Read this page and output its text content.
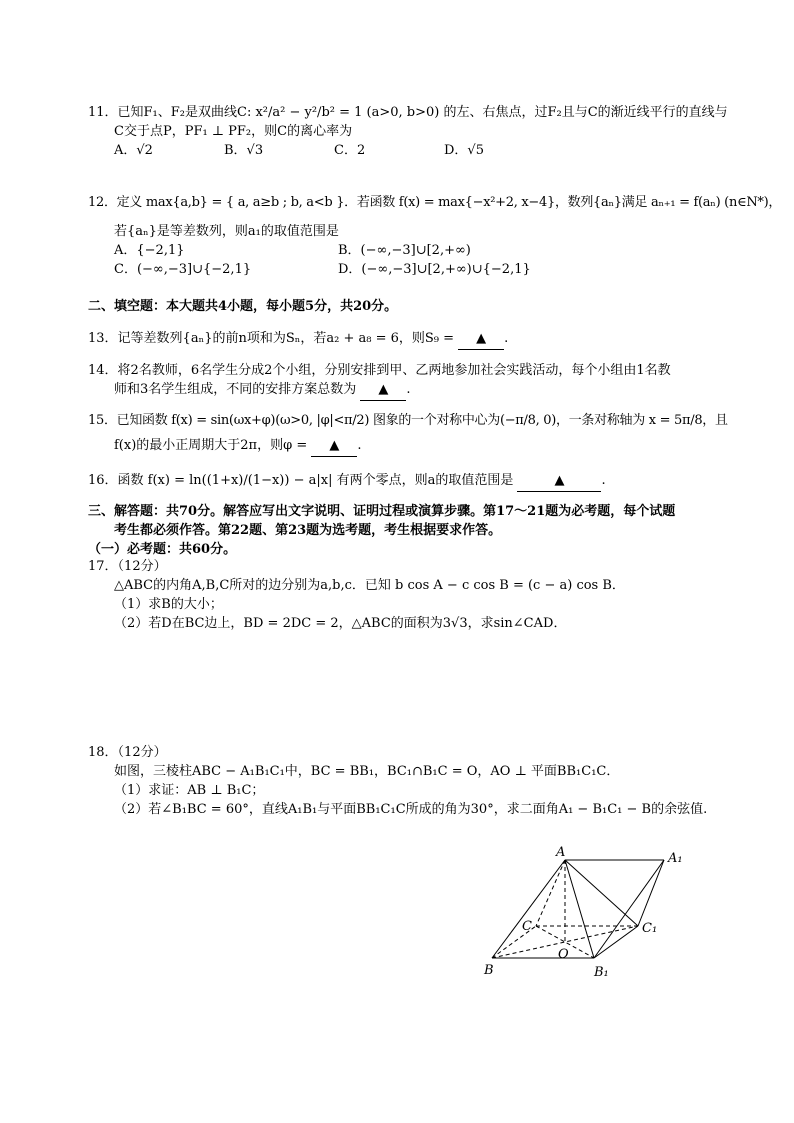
11．已知F₁、F₂是双曲线C: x²/a² − y²/b² = 1 (a>0, b>0) 的左、右焦点，过F₂且与C的渐近线平行的直线与
C交于点P，PF₁ ⊥ PF₂，则C的离心率为
A．√2	B．√3	C．2	D．√5
12．定义 max{a,b} = { a, a≥b ; b, a<b }．若函数 f(x) = max{−x²+2, x−4}，数列{aₙ}满足 aₙ₊₁ = f(aₙ) (n∈N*)，
若{aₙ}是等差数列，则a₁的取值范围是
A．{−2,1}	B．(−∞,−3]∪[2,+∞)
C．(−∞,−3]∪{−2,1}	D．(−∞,−3]∪[2,+∞)∪{−2,1}
二、填空题：本大题共4小题，每小题5分，共20分。
13．记等差数列{aₙ}的前n项和为Sₙ，若a₂ + a₈ = 6，则S₉ = ▲ .
14．将2名教师，6名学生分成2个小组，分别安排到甲、乙两地参加社会实践活动，每个小组由1名教
师和3名学生组成，不同的安排方案总数为 ▲ .
15．已知函数 f(x) = sin(ωx+φ)(ω>0, |φ|<π/2) 图象的一个对称中心为(−π/8, 0)，一条对称轴为 x = 5π/8，且
f(x)的最小正周期大于2π，则φ = ▲ .
16．函数 f(x) = ln((1+x)/(1−x)) − a|x| 有两个零点，则a的取值范围是	▲	.
三、解答题：共70分。解答应写出文字说明、证明过程或演算步骤。第17～21题为必考题，每个试题
考生都必须作答。第22题、第23题为选考题，考生根据要求作答。
（一）必考题：共60分。
17．（12分）
△ABC的内角A,B,C所对的边分别为a,b,c．已知 b cos A − c cos B = (c − a) cos B．
（1）求B的大小；
（2）若D在BC边上，BD = 2DC = 2，△ABC的面积为3√3，求sin∠CAD．
18．（12分）
如图，三棱柱ABC − A₁B₁C₁中，BC = BB₁，BC₁∩B₁C = O，AO ⊥ 平面BB₁C₁C．
（1）求证：AB ⊥ B₁C；
（2）若∠B₁BC = 60°，直线A₁B₁与平面BB₁C₁C所成的角为30°，求二面角A₁ − B₁C₁ − B的余弦值.
A	A₁
C	C₁
B	B₁
O
